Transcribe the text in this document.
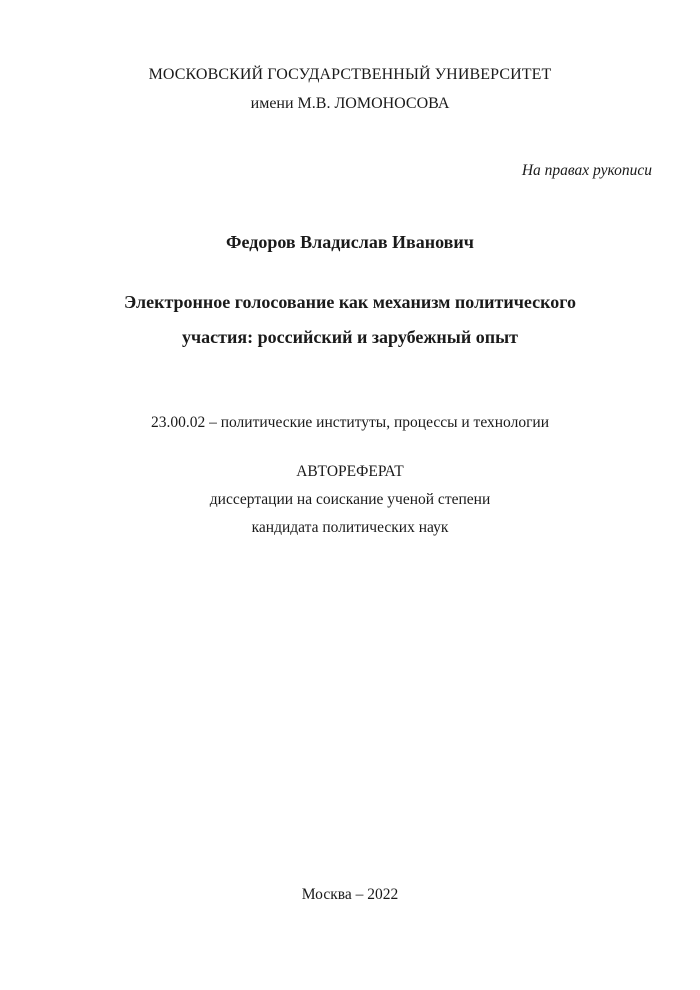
МОСКОВСКИЙ ГОСУДАРСТВЕННЫЙ УНИВЕРСИТЕТ
имени М.В. ЛОМОНОСОВА
На правах рукописи
Федоров Владислав Иванович
Электронное голосование как механизм политического
участия: российский и зарубежный опыт
23.00.02 – политические институты, процессы и технологии
АВТОРЕФЕРАТ
диссертации на соискание ученой степени
кандидата политических наук
Москва – 2022
